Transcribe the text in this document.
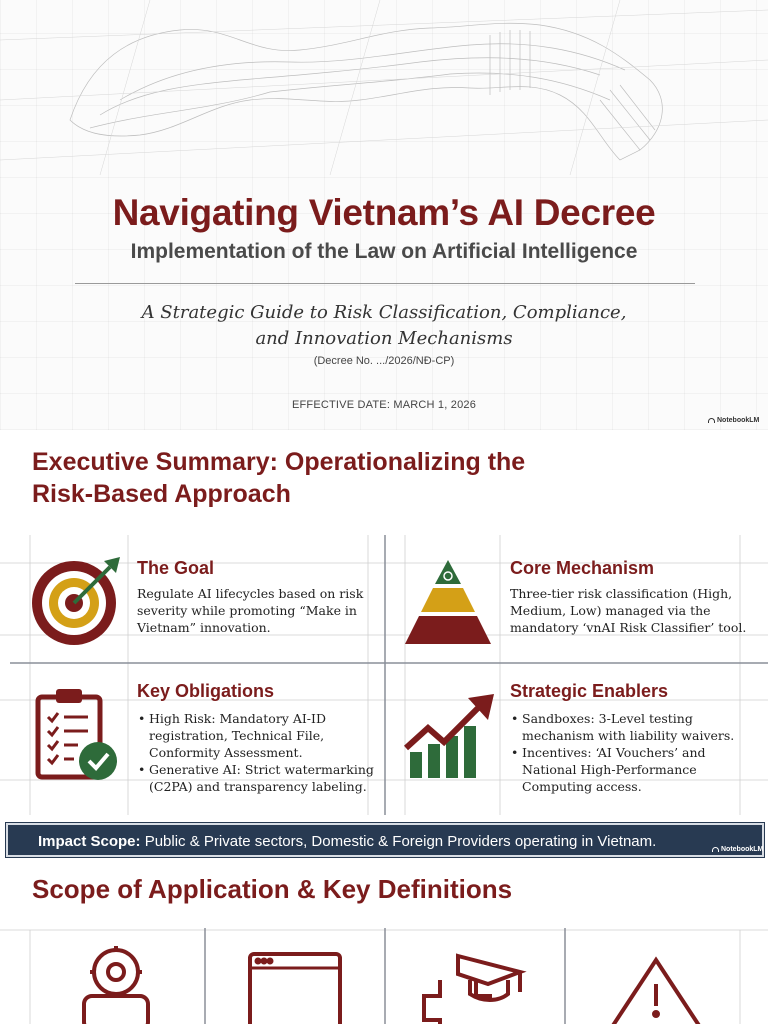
Navigating Vietnam’s AI Decree
Implementation of the Law on Artificial Intelligence
A Strategic Guide to Risk Classification, Compliance,
and Innovation Mechanisms
(Decree No. .../2026/NĐ-CP)
EFFECTIVE DATE: MARCH 1, 2026
NotebookLM
Executive Summary: Operationalizing the
Risk-Based Approach
The Goal
Regulate AI lifecycles based on risk severity while promoting “Make in Vietnam” innovation.
Core Mechanism
Three-tier risk classification (High, Medium, Low) managed via the mandatory ‘vnAI Risk Classifier’ tool.
Key Obligations
• High Risk: Mandatory AI-ID registration, Technical File, Conformity Assessment.
• Generative AI: Strict watermarking (C2PA) and transparency labeling.
Strategic Enablers
• Sandboxes: 3-Level testing mechanism with liability waivers.
• Incentives: ‘AI Vouchers’ and National High-Performance Computing access.
Impact Scope: Public & Private sectors, Domestic & Foreign Providers operating in Vietnam.	NotebookLM
Scope of Application & Key Definitions
